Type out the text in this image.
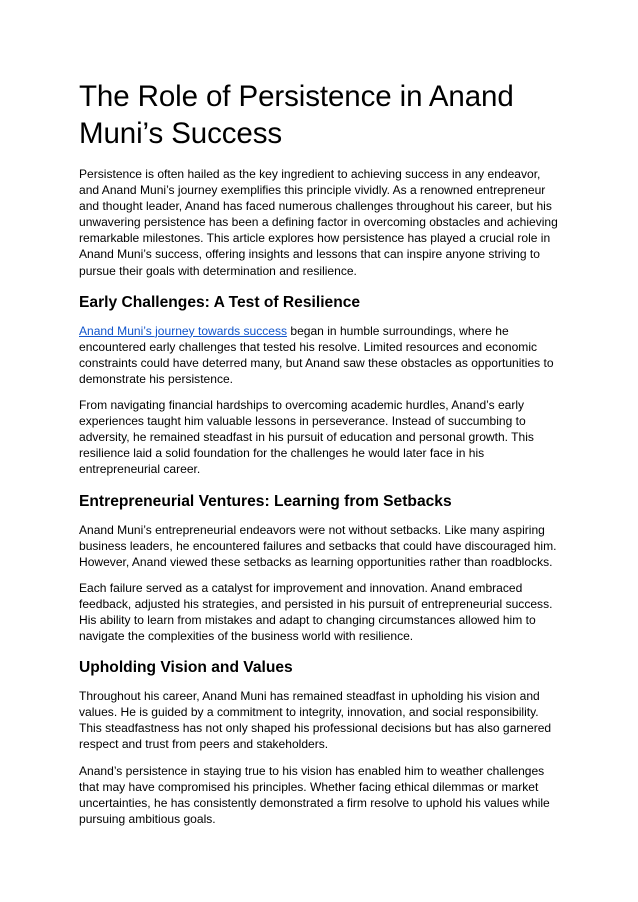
The Role of Persistence in Anand Muni’s Success

Persistence is often hailed as the key ingredient to achieving success in any endeavor, and Anand Muni’s journey exemplifies this principle vividly. As a renowned entrepreneur and thought leader, Anand has faced numerous challenges throughout his career, but his unwavering persistence has been a defining factor in overcoming obstacles and achieving remarkable milestones. This article explores how persistence has played a crucial role in Anand Muni’s success, offering insights and lessons that can inspire anyone striving to pursue their goals with determination and resilience.

Early Challenges: A Test of Resilience

Anand Muni’s journey towards success began in humble surroundings, where he encountered early challenges that tested his resolve. Limited resources and economic constraints could have deterred many, but Anand saw these obstacles as opportunities to demonstrate his persistence.

From navigating financial hardships to overcoming academic hurdles, Anand’s early experiences taught him valuable lessons in perseverance. Instead of succumbing to adversity, he remained steadfast in his pursuit of education and personal growth. This resilience laid a solid foundation for the challenges he would later face in his entrepreneurial career.

Entrepreneurial Ventures: Learning from Setbacks

Anand Muni’s entrepreneurial endeavors were not without setbacks. Like many aspiring business leaders, he encountered failures and setbacks that could have discouraged him. However, Anand viewed these setbacks as learning opportunities rather than roadblocks.

Each failure served as a catalyst for improvement and innovation. Anand embraced feedback, adjusted his strategies, and persisted in his pursuit of entrepreneurial success. His ability to learn from mistakes and adapt to changing circumstances allowed him to navigate the complexities of the business world with resilience.

Upholding Vision and Values

Throughout his career, Anand Muni has remained steadfast in upholding his vision and values. He is guided by a commitment to integrity, innovation, and social responsibility. This steadfastness has not only shaped his professional decisions but has also garnered respect and trust from peers and stakeholders.

Anand’s persistence in staying true to his vision has enabled him to weather challenges that may have compromised his principles. Whether facing ethical dilemmas or market uncertainties, he has consistently demonstrated a firm resolve to uphold his values while pursuing ambitious goals.
